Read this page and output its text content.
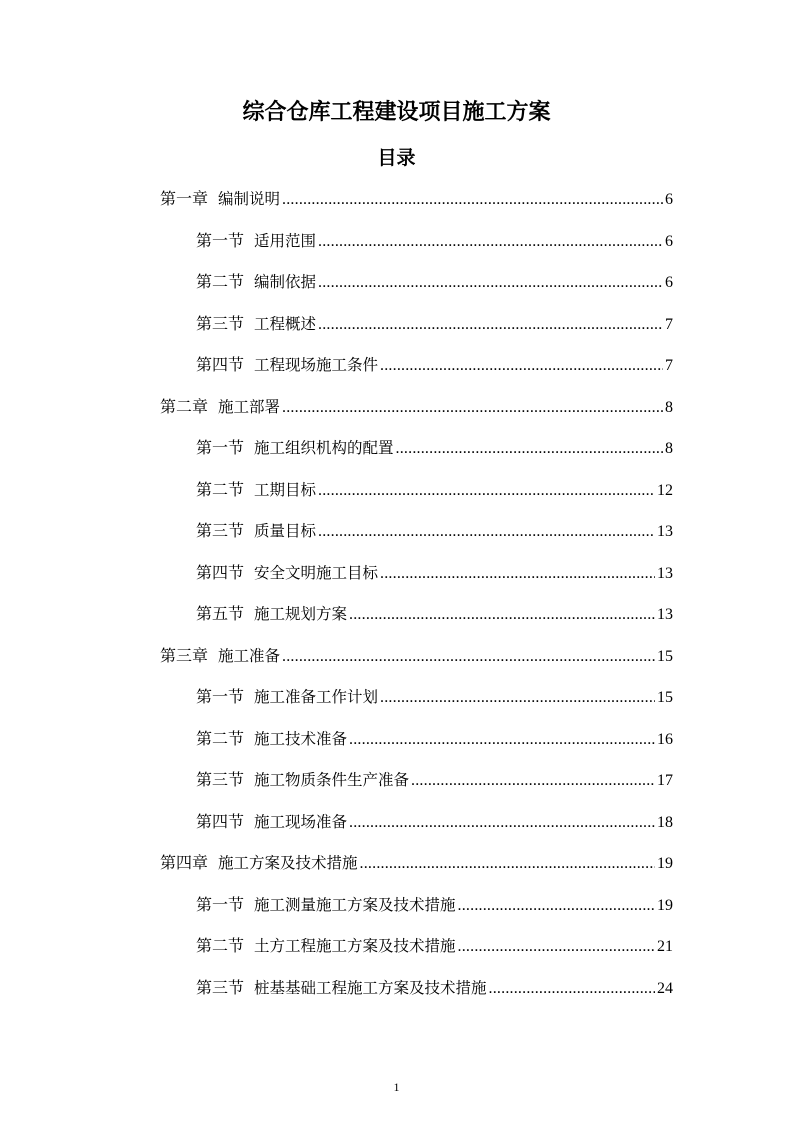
综合仓库工程建设项目施工方案
目录
第一章 编制说明 .....	6
第一节 适用范围 .....	6
第二节 编制依据 .....	6
第三节 工程概述 .....	7
第四节 工程现场施工条件 .....	7
第二章 施工部署 .....	8
第一节 施工组织机构的配置 .....	8
第二节 工期目标 .....	12
第三节 质量目标 .....	13
第四节 安全文明施工目标 .....	13
第五节 施工规划方案 .....	13
第三章 施工准备 .....	15
第一节 施工准备工作计划 .....	15
第二节 施工技术准备 .....	16
第三节 施工物质条件生产准备 .....	17
第四节 施工现场准备 .....	18
第四章 施工方案及技术措施 .....	19
第一节 施工测量施工方案及技术措施 .....	19
第二节 土方工程施工方案及技术措施 .....	21
第三节 桩基基础工程施工方案及技术措施 .....	24
1
